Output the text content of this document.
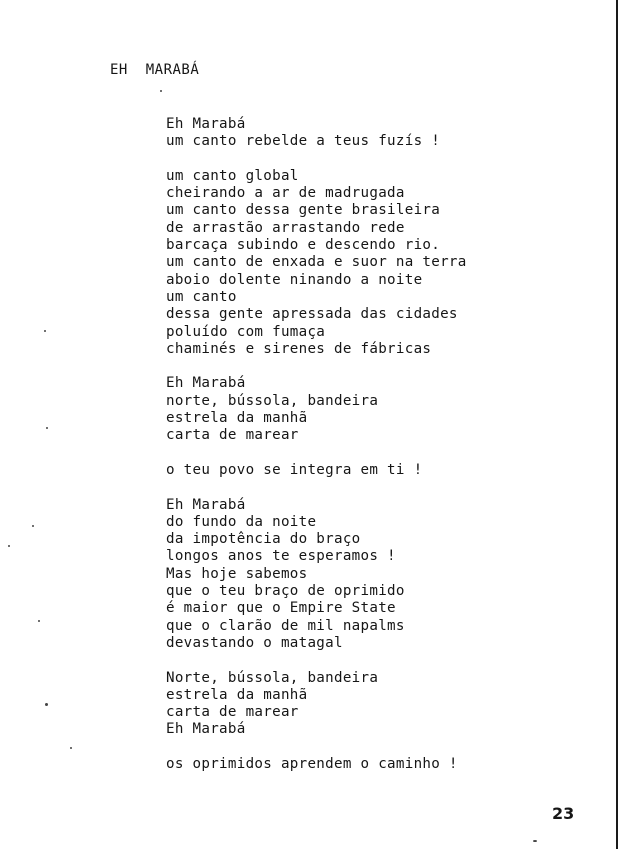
EH  MARABÁ
Eh Marabá
um canto rebelde a teus fuzís !
um canto global
cheirando a ar de madrugada
um canto dessa gente brasileira
de arrastão arrastando rede
barcaça subindo e descendo rio.
um canto de enxada e suor na terra
aboio dolente ninando a noite
um canto
dessa gente apressada das cidades
poluído com fumaça
chaminés e sirenes de fábricas
Eh Marabá
norte, bússola, bandeira
estrela da manhã
carta de marear
o teu povo se integra em ti !
Eh Marabá
do fundo da noite
da impotência do braço
longos anos te esperamos !
Mas hoje sabemos
que o teu braço de oprimido
é maior que o Empire State
que o clarão de mil napalms
devastando o matagal
Norte, bússola, bandeira
estrela da manhã
carta de marear
Eh Marabá
os oprimidos aprendem o caminho !
23
